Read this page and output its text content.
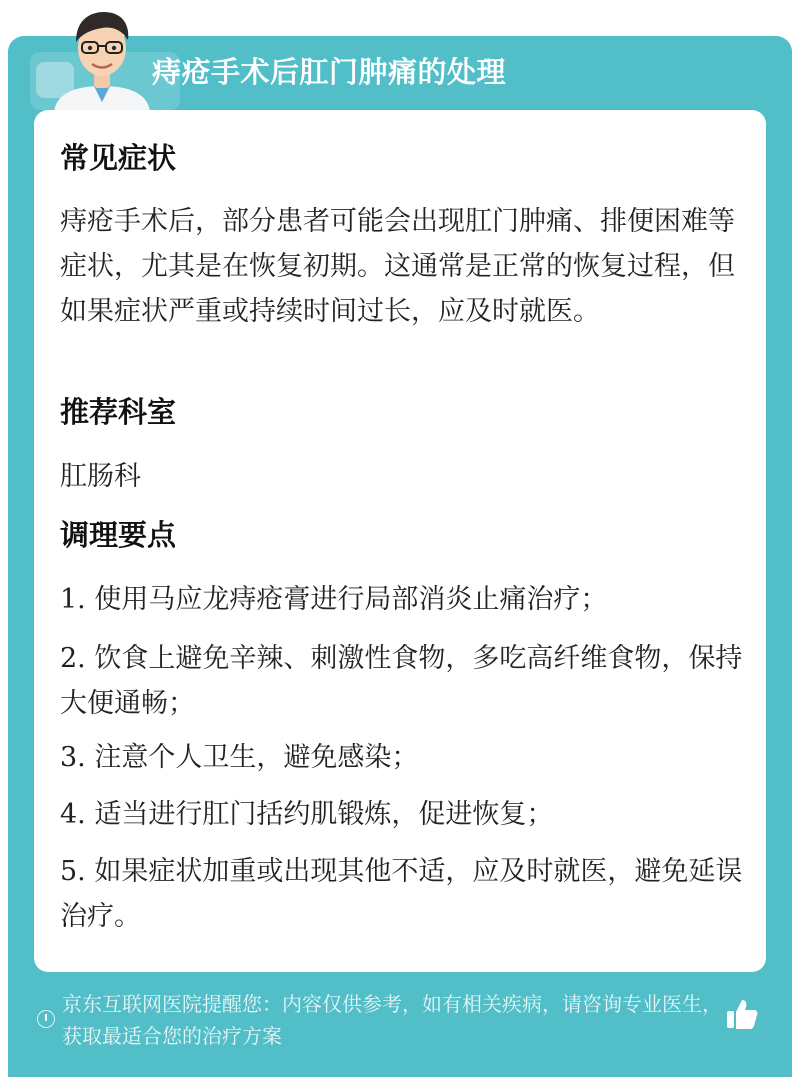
痔疮手术后肛门肿痛的处理
常见症状
痔疮手术后，部分患者可能会出现肛门肿痛、排便困难等症状，尤其是在恢复初期。这通常是正常的恢复过程，但如果症状严重或持续时间过长，应及时就医。
推荐科室
肛肠科
调理要点
1. 使用马应龙痔疮膏进行局部消炎止痛治疗；
2. 饮食上避免辛辣、刺激性食物，多吃高纤维食物，保持大便通畅；
3. 注意个人卫生，避免感染；
4. 适当进行肛门括约肌锻炼，促进恢复；
5. 如果症状加重或出现其他不适，应及时就医，避免延误治疗。
京东互联网医院提醒您：内容仅供参考，如有相关疾病，请咨询专业医生，获取最适合您的治疗方案
